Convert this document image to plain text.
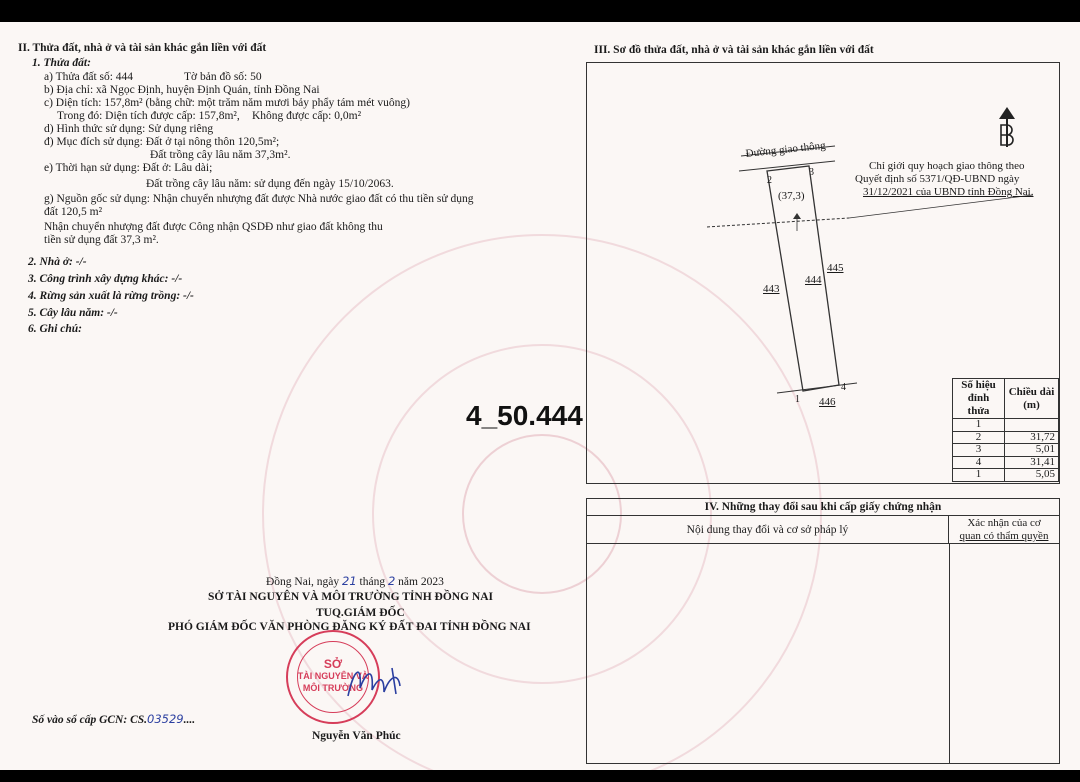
II. Thửa đất, nhà ở và tài sản khác gắn liền với đất
1. Thửa đất:
a) Thửa đất số: 444	Tờ bản đồ số: 50
b) Địa chỉ: xã Ngọc Định, huyện Định Quán, tỉnh Đồng Nai
c) Diện tích: 157,8m² (bằng chữ: một trăm năm mươi bảy phẩy tám mét vuông)
Trong đó: Diện tích được cấp: 157,8m², Không được cấp: 0,0m²
d) Hình thức sử dụng: Sử dụng riêng
đ) Mục đích sử dụng: Đất ở tại nông thôn 120,5m²;
Đất trồng cây lâu năm 37,3m².
e) Thời hạn sử dụng: Đất ở: Lâu dài;
Đất trồng cây lâu năm: sử dụng đến ngày 15/10/2063.
g) Nguồn gốc sử dụng: Nhận chuyển nhượng đất được Nhà nước giao đất có thu tiền sử dụng
đất 120,5 m²
Nhận chuyển nhượng đất được Công nhận QSDĐ như giao đất không thu
tiền sử dụng đất 37,3 m².
2. Nhà ở: -/-
3. Công trình xây dựng khác: -/-
4. Rừng sản xuất là rừng trồng: -/-
5. Cây lâu năm: -/-
6. Ghi chú:
4_50.444
Đồng Nai, ngày 21 tháng 2 năm 2023
SỞ TÀI NGUYÊN VÀ MÔI TRƯỜNG TỈNH ĐỒNG NAI
TUQ.GIÁM ĐỐC
PHÓ GIÁM ĐỐC VĂN PHÒNG ĐĂNG KÝ ĐẤT ĐAI TỈNH ĐỒNG NAI
SỞ
TÀI NGUYÊN VÀ
MÔI TRƯỜNG
Số vào sổ cấp GCN: CS.03529....
Nguyễn Văn Phúc
III. Sơ đồ thửa đất, nhà ở và tài sản khác gắn liền với đất
Đường giao thông
(37,3)
Chỉ giới quy hoạch giao thông theo
Quyết định số 5371/QĐ-UBND ngày
31/12/2021 của UBND tỉnh Đồng Nai.
443
444
445
446
1
2
3
4	Số hiệu đỉnh thửa	Chiều dài (m)
1	
2	31,72
3	5,01
4	31,41
1	5,05
IV. Những thay đổi sau khi cấp giấy chứng nhận
Nội dung thay đổi và cơ sở pháp lý
Xác nhận của cơ
quan có thẩm quyền
